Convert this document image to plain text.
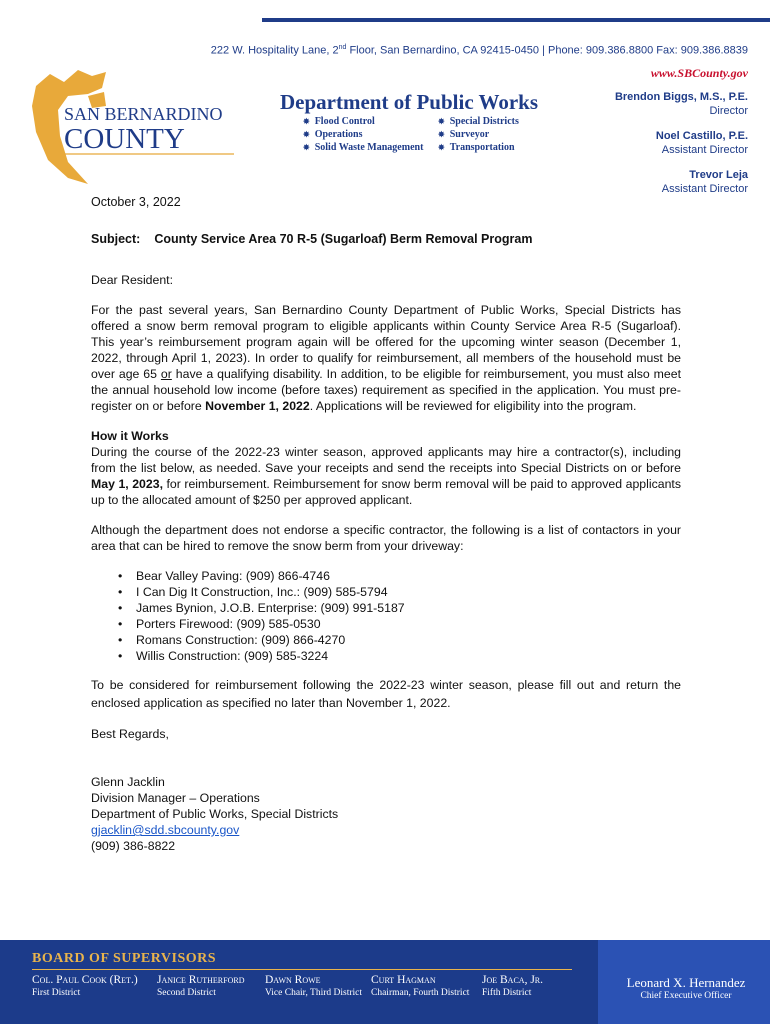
222 W. Hospitality Lane, 2nd Floor, San Bernardino, CA 92415-0450 | Phone: 909.386.8800 Fax: 909.386.8839
www.SBCounty.gov
SAN BERNARDINO
COUNTY
Department of Public Works
✸ Flood Control
✸ Operations
✸ Solid Waste Management
✸ Special Districts
✸ Surveyor
✸ Transportation
Brendon Biggs, M.S., P.E.
Director
Noel Castillo, P.E.
Assistant Director
Trevor Leja
Assistant Director
October 3, 2022
Subject: County Service Area 70 R-5 (Sugarloaf) Berm Removal Program

Dear Resident:

For the past several years, San Bernardino County Department of Public Works, Special Districts has offered a snow berm removal program to eligible applicants within County Service Area R-5 (Sugarloaf). This year’s reimbursement program again will be offered for the upcoming winter season (December 1, 2022, through April 1, 2023). In order to qualify for reimbursement, all members of the household must be over age 65 or have a qualifying disability. In addition, to be eligible for reimbursement, you must also meet the annual household low income (before taxes) requirement as specified in the application. You must pre-register on or before November 1, 2022. Applications will be reviewed for eligibility into the program.

How it Works

During the course of the 2022-23 winter season, approved applicants may hire a contractor(s), including from the list below, as needed. Save your receipts and send the receipts into Special Districts on or before May 1, 2023, for reimbursement. Reimbursement for snow berm removal will be paid to approved applicants up to the allocated amount of $250 per approved applicant.

Although the department does not endorse a specific contractor, the following is a list of contactors in your area that can be hired to remove the snow berm from your driveway:

• Bear Valley Paving: (909) 866-4746
• I Can Dig It Construction, Inc.: (909) 585-5794
• James Bynion, J.O.B. Enterprise: (909) 991-5187
• Porters Firewood: (909) 585-0530
• Romans Construction: (909) 866-4270
• Willis Construction: (909) 585-3224

To be considered for reimbursement following the 2022-23 winter season, please fill out and return the enclosed application as specified no later than November 1, 2022.

Best Regards,

Glenn Jacklin
Division Manager – Operations
Department of Public Works, Special Districts
gjacklin@sdd.sbcounty.gov
(909) 386-8822
BOARD OF SUPERVISORS
Col. Paul Cook (Ret.)
First District
Janice Rutherford
Second District
Dawn Rowe
Vice Chair, Third District
Curt Hagman
Chairman, Fourth District
Joe Baca, Jr.
Fifth District
Leonard X. Hernandez
Chief Executive Officer
